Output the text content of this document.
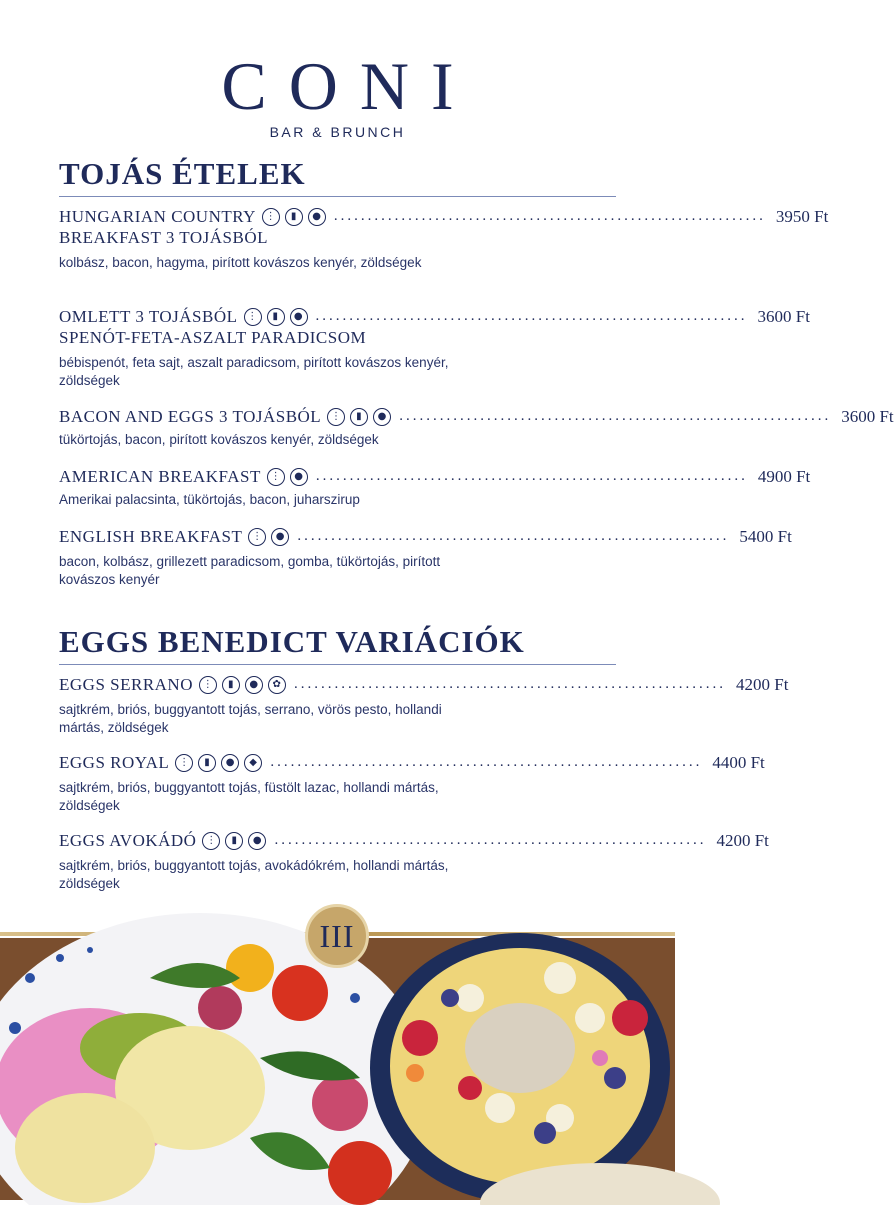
CONI
BAR & BRUNCH
TOJÁS ÉTELEK
HUNGARIAN COUNTRY ⋮	▮	● ................................................................ 3950 Ft
BREAKFAST 3 TOJÁSBÓL
kolbász, bacon, hagyma, pirított kovászos kenyér, zöldségek
OMLETT 3 TOJÁSBÓL ⋮	▮	● ................................................................ 3600 Ft
SPENÓT-FETA-ASZALT PARADICSOM
bébispenót, feta sajt, aszalt paradicsom, pirított kovászos kenyér, zöldségek
BACON AND EGGS 3 TOJÁSBÓL ⋮	▮	● ................................................................ 3600 Ft
tükörtojás, bacon, pirított kovászos kenyér, zöldségek
AMERICAN BREAKFAST ⋮	● ................................................................ 4900 Ft
Amerikai palacsinta, tükörtojás, bacon, juharszirup
ENGLISH BREAKFAST ⋮	● ................................................................ 5400 Ft
bacon, kolbász, grillezett paradicsom, gomba, tükörtojás, pirított kovászos kenyér
EGGS BENEDICT VARIÁCIÓK
EGGS SERRANO ⋮	▮	●	✿ ................................................................ 4200 Ft
sajtkrém, briós, buggyantott tojás, serrano, vörös pesto, hollandi mártás, zöldségek
EGGS ROYAL ⋮	▮	●	◆ ................................................................ 4400 Ft
sajtkrém, briós, buggyantott tojás, füstölt lazac, hollandi mártás, zöldségek
EGGS AVOKÁDÓ ⋮	▮	● ................................................................ 4200 Ft
sajtkrém, briós, buggyantott tojás, avokádókrém, hollandi mártás, zöldségek
III
